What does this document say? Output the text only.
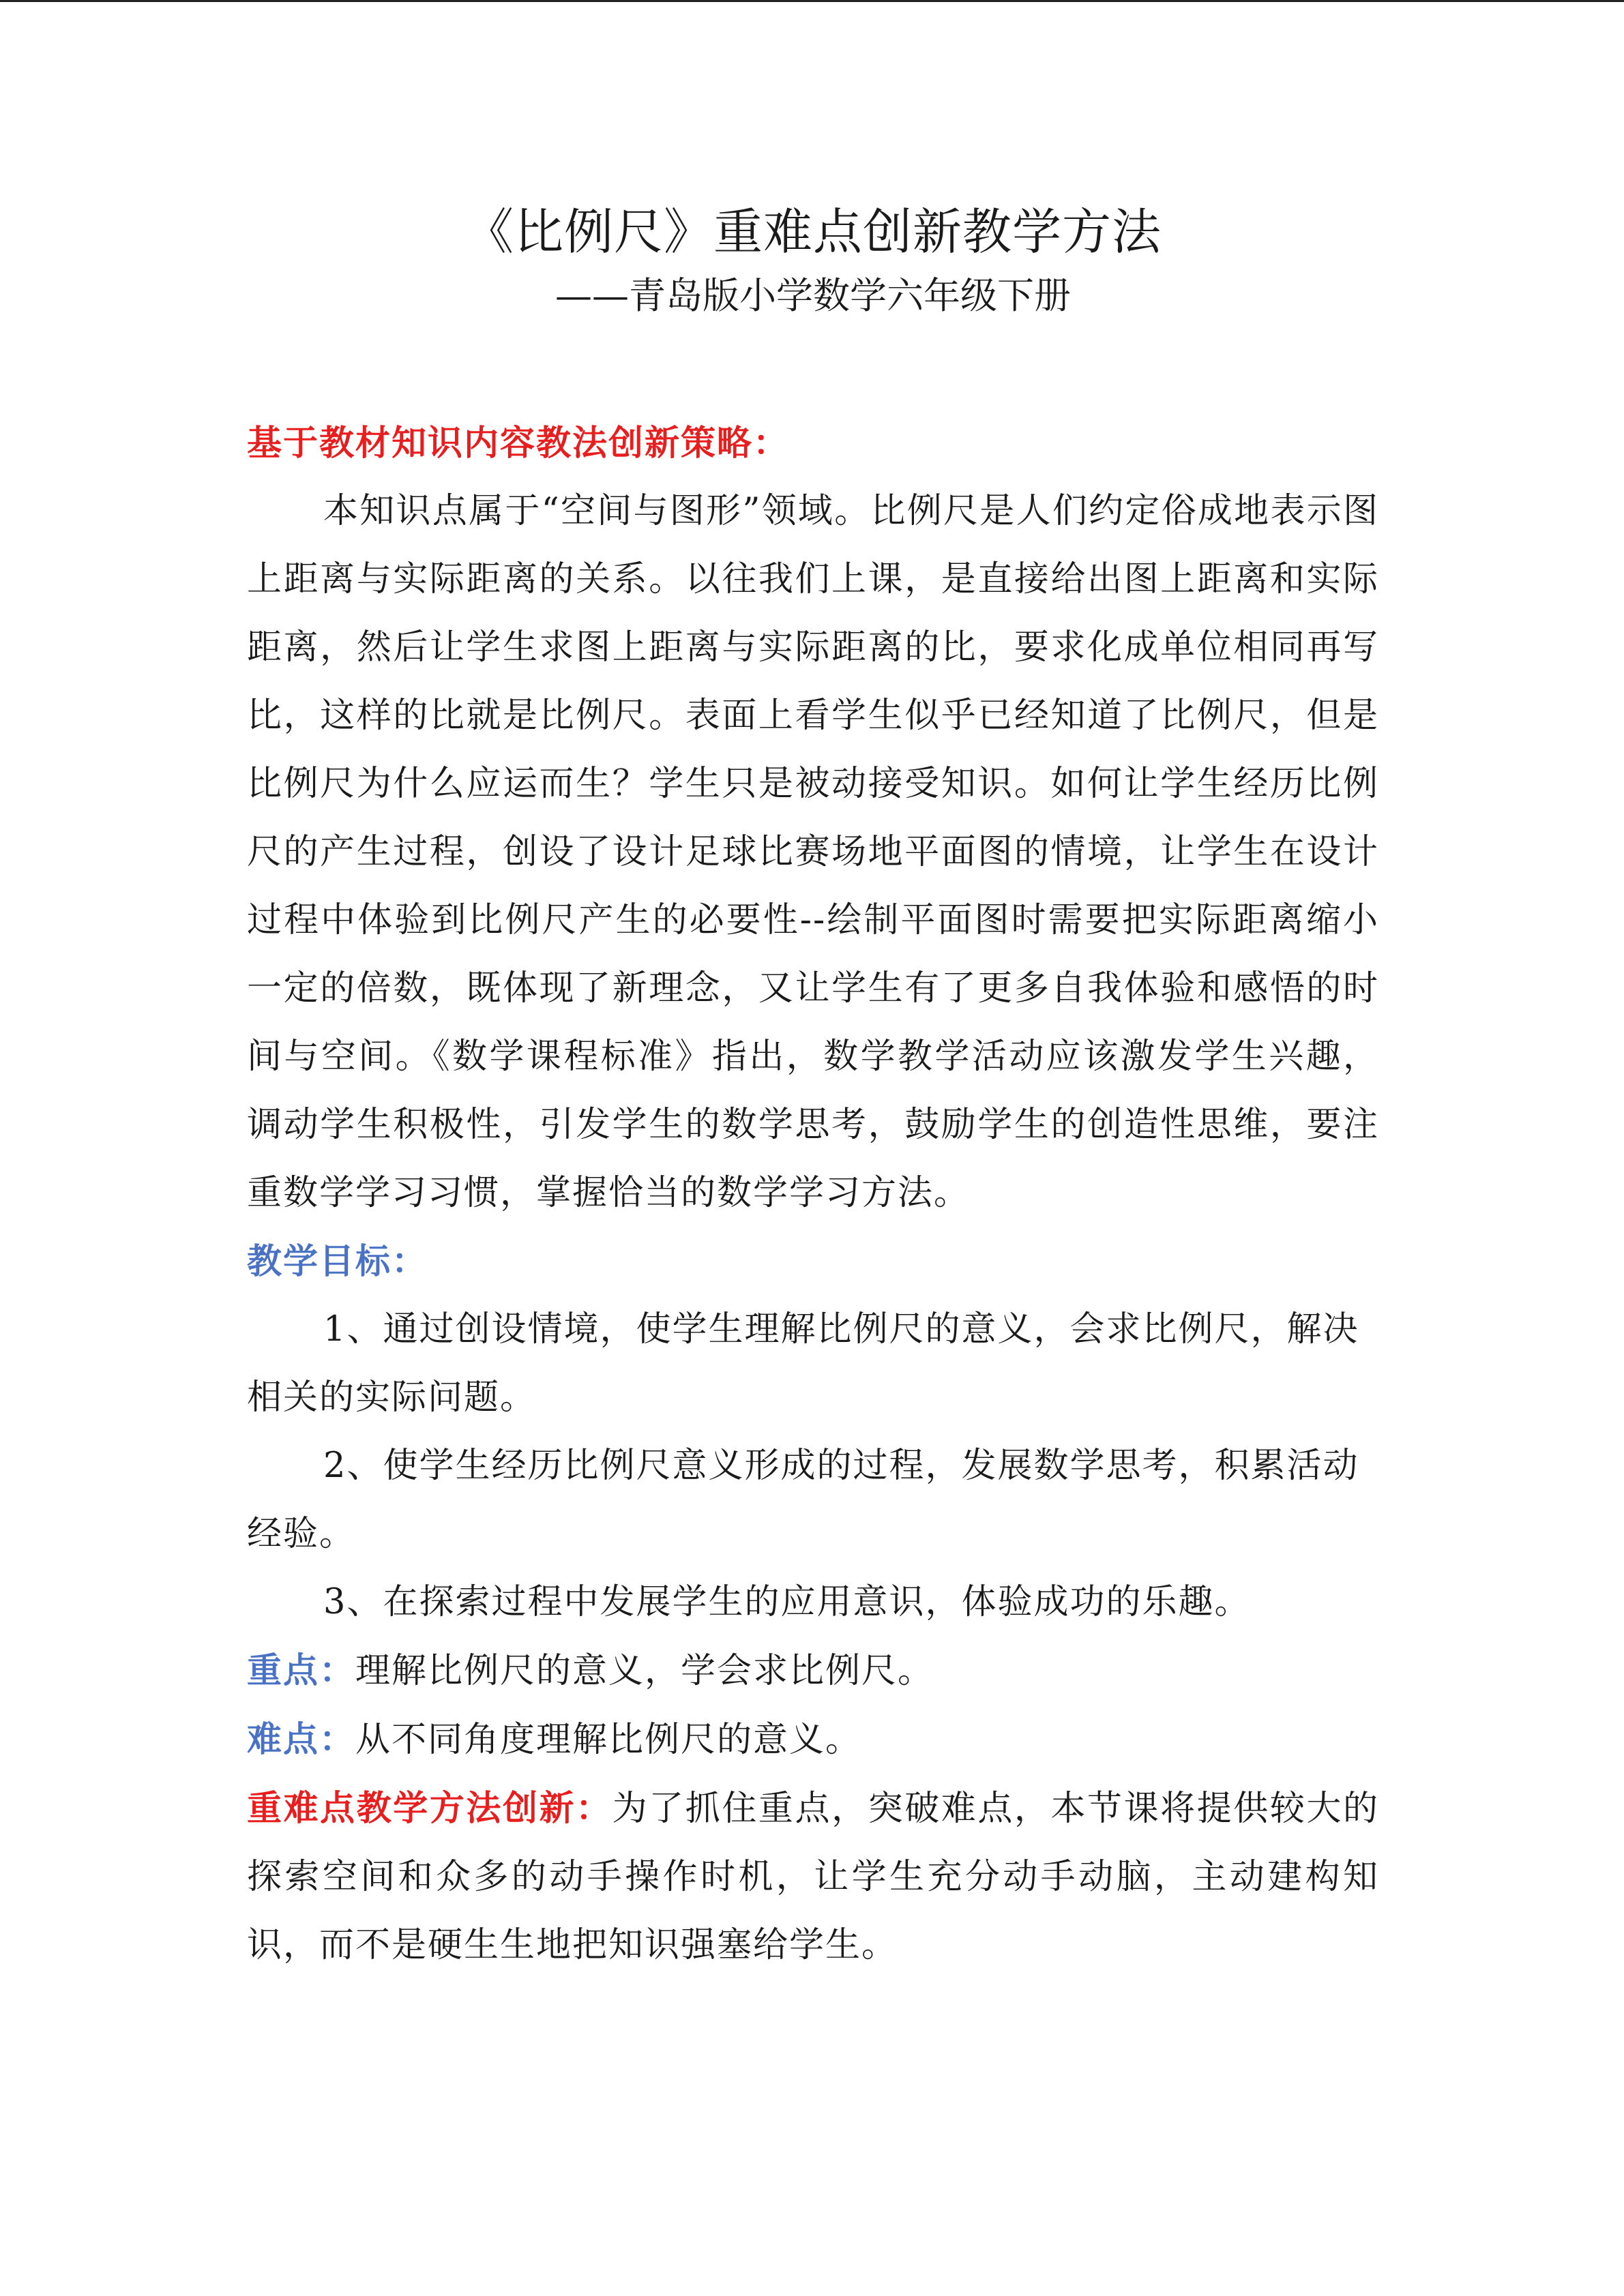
《比例尺》重难点创新教学方法

——青岛版小学数学六年级下册

基于教材知识内容教法创新策略：

本知识点属于“空间与图形”领域。比例尺是人们约定俗成地表示图上距离与实际距离的关系。以往我们上课，是直接给出图上距离和实际距离，然后让学生求图上距离与实际距离的比，要求化成单位相同再写比，这样的比就是比例尺。表面上看学生似乎已经知道了比例尺，但是比例尺为什么应运而生？学生只是被动接受知识。如何让学生经历比例尺的产生过程，创设了设计足球比赛场地平面图的情境，让学生在设计过程中体验到比例尺产生的必要性--绘制平面图时需要把实际距离缩小一定的倍数，既体现了新理念，又让学生有了更多自我体验和感悟的时间与空间。《数学课程标准》指出，数学教学活动应该激发学生兴趣，调动学生积极性，引发学生的数学思考，鼓励学生的创造性思维，要注重数学学习习惯，掌握恰当的数学学习方法。

教学目标：

1、通过创设情境，使学生理解比例尺的意义，会求比例尺，解决相关的实际问题。

2、使学生经历比例尺意义形成的过程，发展数学思考，积累活动经验。

3、在探索过程中发展学生的应用意识，体验成功的乐趣。

重点：理解比例尺的意义，学会求比例尺。

难点：从不同角度理解比例尺的意义。

重难点教学方法创新：为了抓住重点，突破难点，本节课将提供较大的探索空间和众多的动手操作时机，让学生充分动手动脑，主动建构知识，而不是硬生生地把知识强塞给学生。
